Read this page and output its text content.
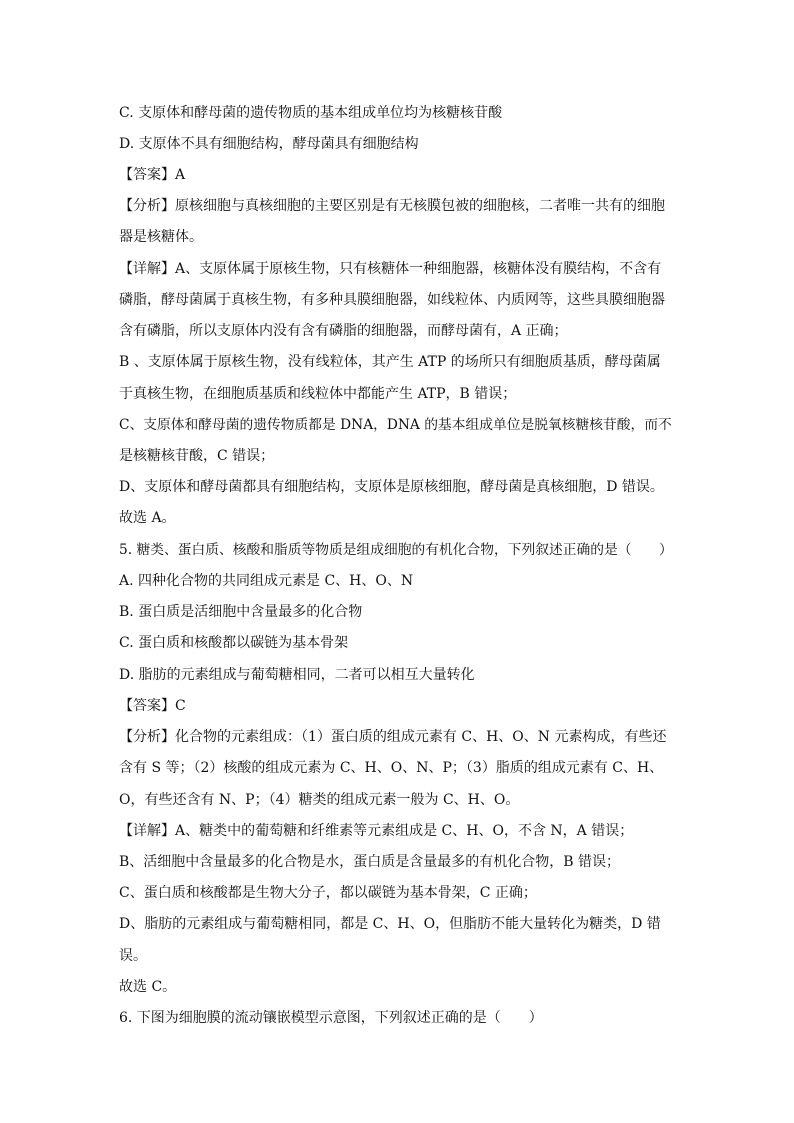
C. 支原体和酵母菌的遗传物质的基本组成单位均为核糖核苷酸
D. 支原体不具有细胞结构，酵母菌具有细胞结构
【答案】A
【分析】原核细胞与真核细胞的主要区别是有无核膜包被的细胞核，二者唯一共有的细胞
器是核糖体。
【详解】A、支原体属于原核生物，只有核糖体一种细胞器，核糖体没有膜结构，不含有
磷脂，酵母菌属于真核生物，有多种具膜细胞器，如线粒体、内质网等，这些具膜细胞器
含有磷脂，所以支原体内没有含有磷脂的细胞器，而酵母菌有，A 正确；
B 、支原体属于原核生物，没有线粒体，其产生 ATP 的场所只有细胞质基质，酵母菌属
于真核生物，在细胞质基质和线粒体中都能产生 ATP，B 错误；
C、支原体和酵母菌的遗传物质都是 DNA，DNA 的基本组成单位是脱氧核糖核苷酸，而不
是核糖核苷酸，C 错误；
D、支原体和酵母菌都具有细胞结构，支原体是原核细胞，酵母菌是真核细胞，D 错误。
故选 A。
5. 糖类、蛋白质、核酸和脂质等物质是组成细胞的有机化合物，下列叙述正确的是（　　）
A. 四种化合物的共同组成元素是 C、H、O、N
B. 蛋白质是活细胞中含量最多的化合物
C. 蛋白质和核酸都以碳链为基本骨架
D. 脂肪的元素组成与葡萄糖相同，二者可以相互大量转化
【答案】C
【分析】化合物的元素组成：（1）蛋白质的组成元素有 C、H、O、N 元素构成，有些还
含有 S 等；（2）核酸的组成元素为 C、H、O、N、P；（3）脂质的组成元素有 C、H、
O，有些还含有 N、P；（4）糖类的组成元素一般为 C、H、O。
【详解】A、糖类中的葡萄糖和纤维素等元素组成是 C、H、O，不含 N，A 错误；
B、活细胞中含量最多的化合物是水，蛋白质是含量最多的有机化合物，B 错误；
C、蛋白质和核酸都是生物大分子，都以碳链为基本骨架，C 正确；
D、脂肪的元素组成与葡萄糖相同，都是 C、H、O，但脂肪不能大量转化为糖类，D 错
误。
故选 C。
6. 下图为细胞膜的流动镶嵌模型示意图，下列叙述正确的是（　　）
